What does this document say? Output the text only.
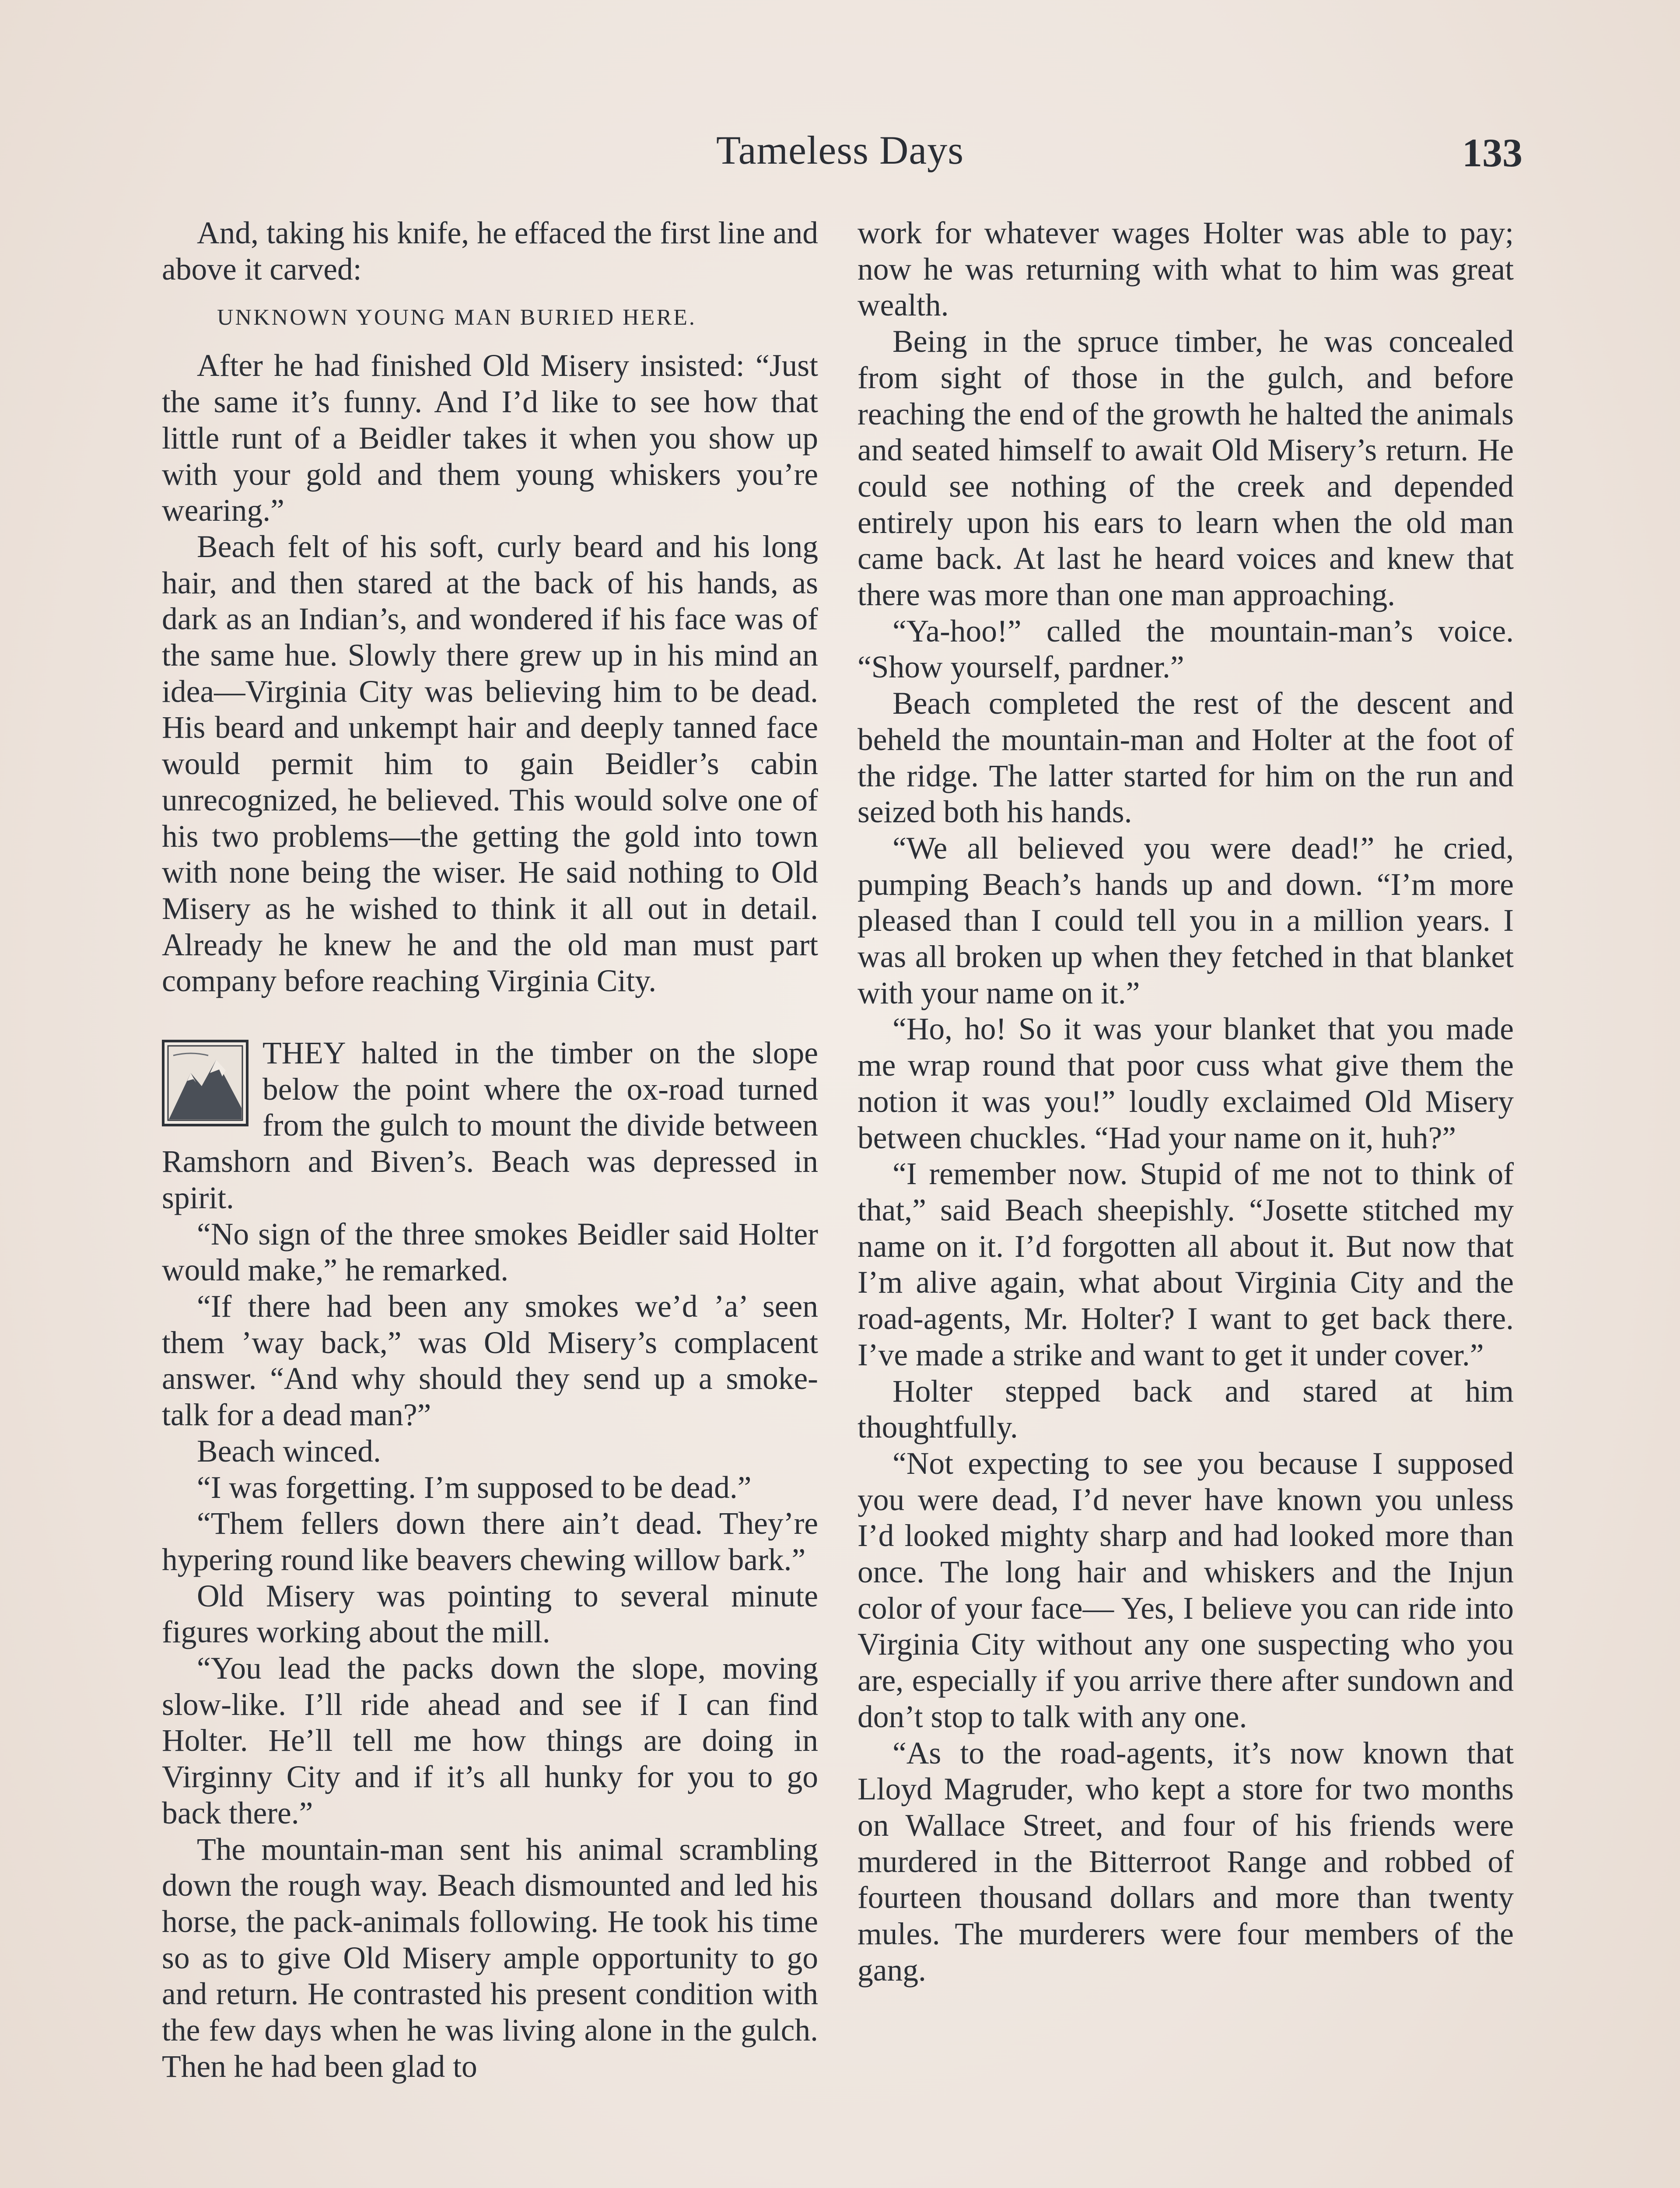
Tameless Days	133

And, taking his knife, he effaced the first line and above it carved:

UNKNOWN YOUNG MAN BURIED HERE.

After he had finished Old Misery insisted: “Just the same it’s funny. And I’d like to see how that little runt of a Beidler takes it when you show up with your gold and them young whiskers you’re wearing.”

Beach felt of his soft, curly beard and his long hair, and then stared at the back of his hands, as dark as an Indian’s, and wondered if his face was of the same hue. Slowly there grew up in his mind an idea—Virginia City was believing him to be dead. His beard and unkempt hair and deeply tanned face would permit him to gain Beidler’s cabin unrecognized, he believed. This would solve one of his two problems—the getting the gold into town with none being the wiser. He said nothing to Old Misery as he wished to think it all out in detail. Already he knew he and the old man must part company before reaching Virginia City.

THEY halted in the timber on the slope below the point where the ox-road turned from the gulch to mount the divide between Ramshorn and Biven’s. Beach was depressed in spirit.

“No sign of the three smokes Beidler said Holter would make,” he remarked.

“If there had been any smokes we’d ’a’ seen them ’way back,” was Old Misery’s complacent answer. “And why should they send up a smoke-talk for a dead man?”

Beach winced.

“I was forgetting. I’m supposed to be dead.”

“Them fellers down there ain’t dead. They’re hypering round like beavers chewing willow bark.”

Old Misery was pointing to several minute figures working about the mill.

“You lead the packs down the slope, moving slow-like. I’ll ride ahead and see if I can find Holter. He’ll tell me how things are doing in Virginny City and if it’s all hunky for you to go back there.”

The mountain-man sent his animal scrambling down the rough way. Beach dismounted and led his horse, the pack-animals following. He took his time so as to give Old Misery ample opportunity to go and return. He contrasted his present condition with the few days when he was living alone in the gulch. Then he had been glad to

work for whatever wages Holter was able to pay; now he was returning with what to him was great wealth.

Being in the spruce timber, he was concealed from sight of those in the gulch, and before reaching the end of the growth he halted the animals and seated himself to await Old Misery’s return. He could see nothing of the creek and depended entirely upon his ears to learn when the old man came back. At last he heard voices and knew that there was more than one man approaching.

“Ya-hoo!” called the mountain-man’s voice. “Show yourself, pardner.”

Beach completed the rest of the descent and beheld the mountain-man and Holter at the foot of the ridge. The latter started for him on the run and seized both his hands.

“We all believed you were dead!” he cried, pumping Beach’s hands up and down. “I’m more pleased than I could tell you in a million years. I was all broken up when they fetched in that blanket with your name on it.”

“Ho, ho! So it was your blanket that you made me wrap round that poor cuss what give them the notion it was you!” loudly exclaimed Old Misery between chuckles. “Had your name on it, huh?”

“I remember now. Stupid of me not to think of that,” said Beach sheepishly. “Josette stitched my name on it. I’d forgotten all about it. But now that I’m alive again, what about Virginia City and the road-agents, Mr. Holter? I want to get back there. I’ve made a strike and want to get it under cover.”

Holter stepped back and stared at him thoughtfully.

“Not expecting to see you because I supposed you were dead, I’d never have known you unless I’d looked mighty sharp and had looked more than once. The long hair and whiskers and the Injun color of your face— Yes, I believe you can ride into Virginia City without any one suspecting who you are, especially if you arrive there after sundown and don’t stop to talk with any one.

“As to the road-agents, it’s now known that Lloyd Magruder, who kept a store for two months on Wallace Street, and four of his friends were murdered in the Bitterroot Range and robbed of fourteen thousand dollars and more than twenty mules. The murderers were four members of the gang.
